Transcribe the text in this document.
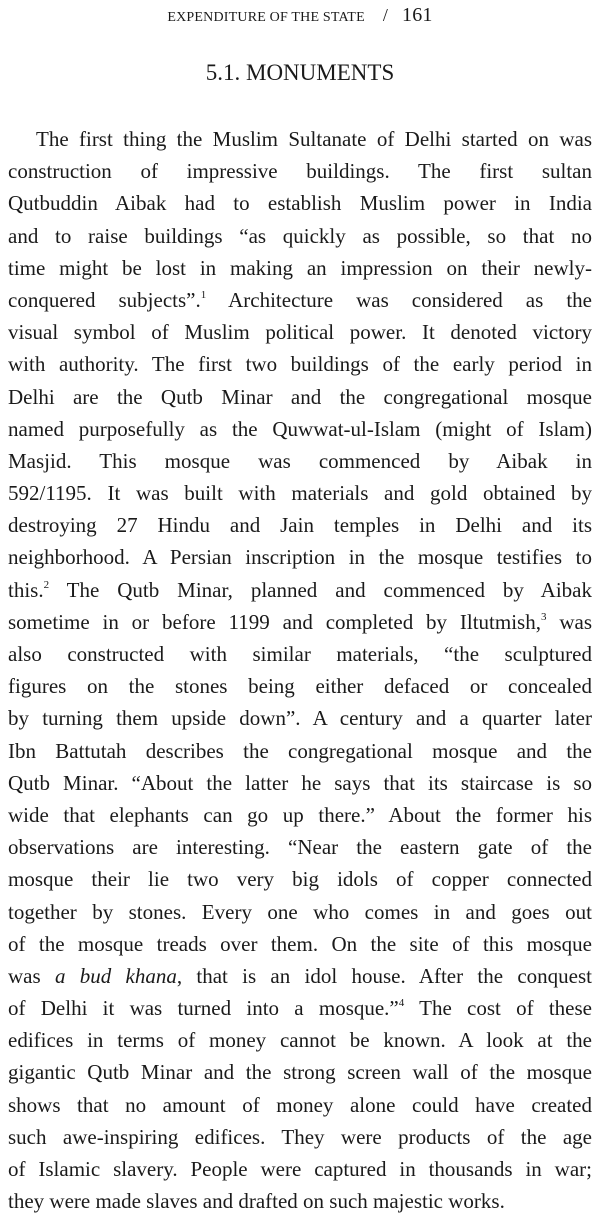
EXPENDITURE OF THE STATE / 161
5.1. MONUMENTS
The first thing the Muslim Sultanate of Delhi started on was
construction of impressive buildings. The first sultan
Qutbuddin Aibak had to establish Muslim power in India
and to raise buildings “as quickly as possible, so that no
time might be lost in making an impression on their newly-
conquered subjects”.$^1$ Architecture was considered as the
visual symbol of Muslim political power. It denoted victory
with authority. The first two buildings of the early period in
Delhi are the Qutb Minar and the congregational mosque
named purposefully as the Quwwat-ul-Islam (might of Islam)
Masjid. This mosque was commenced by Aibak in
592/1195. It was built with materials and gold obtained by
destroying 27 Hindu and Jain temples in Delhi and its
neighborhood. A Persian inscription in the mosque testifies to
this.$^2$ The Qutb Minar, planned and commenced by Aibak
sometime in or before 1199 and completed by Iltutmish,$^3$ was
also constructed with similar materials, “the sculptured
figures on the stones being either defaced or concealed
by turning them upside down”. A century and a quarter later
Ibn Battutah describes the congregational mosque and the
Qutb Minar. “About the latter he says that its staircase is so
wide that elephants can go up there.” About the former his
observations are interesting. “Near the eastern gate of the
mosque their lie two very big idols of copper connected
together by stones. Every one who comes in and goes out
of the mosque treads over them. On the site of this mosque
was a bud khana, that is an idol house. After the conquest
of Delhi it was turned into a mosque.”$^4$ The cost of these
edifices in terms of money cannot be known. A look at the
gigantic Qutb Minar and the strong screen wall of the mosque
shows that no amount of money alone could have created
such awe-inspiring edifices. They were products of the age
of Islamic slavery. People were captured in thousands in war;
they were made slaves and drafted on such majestic works.
